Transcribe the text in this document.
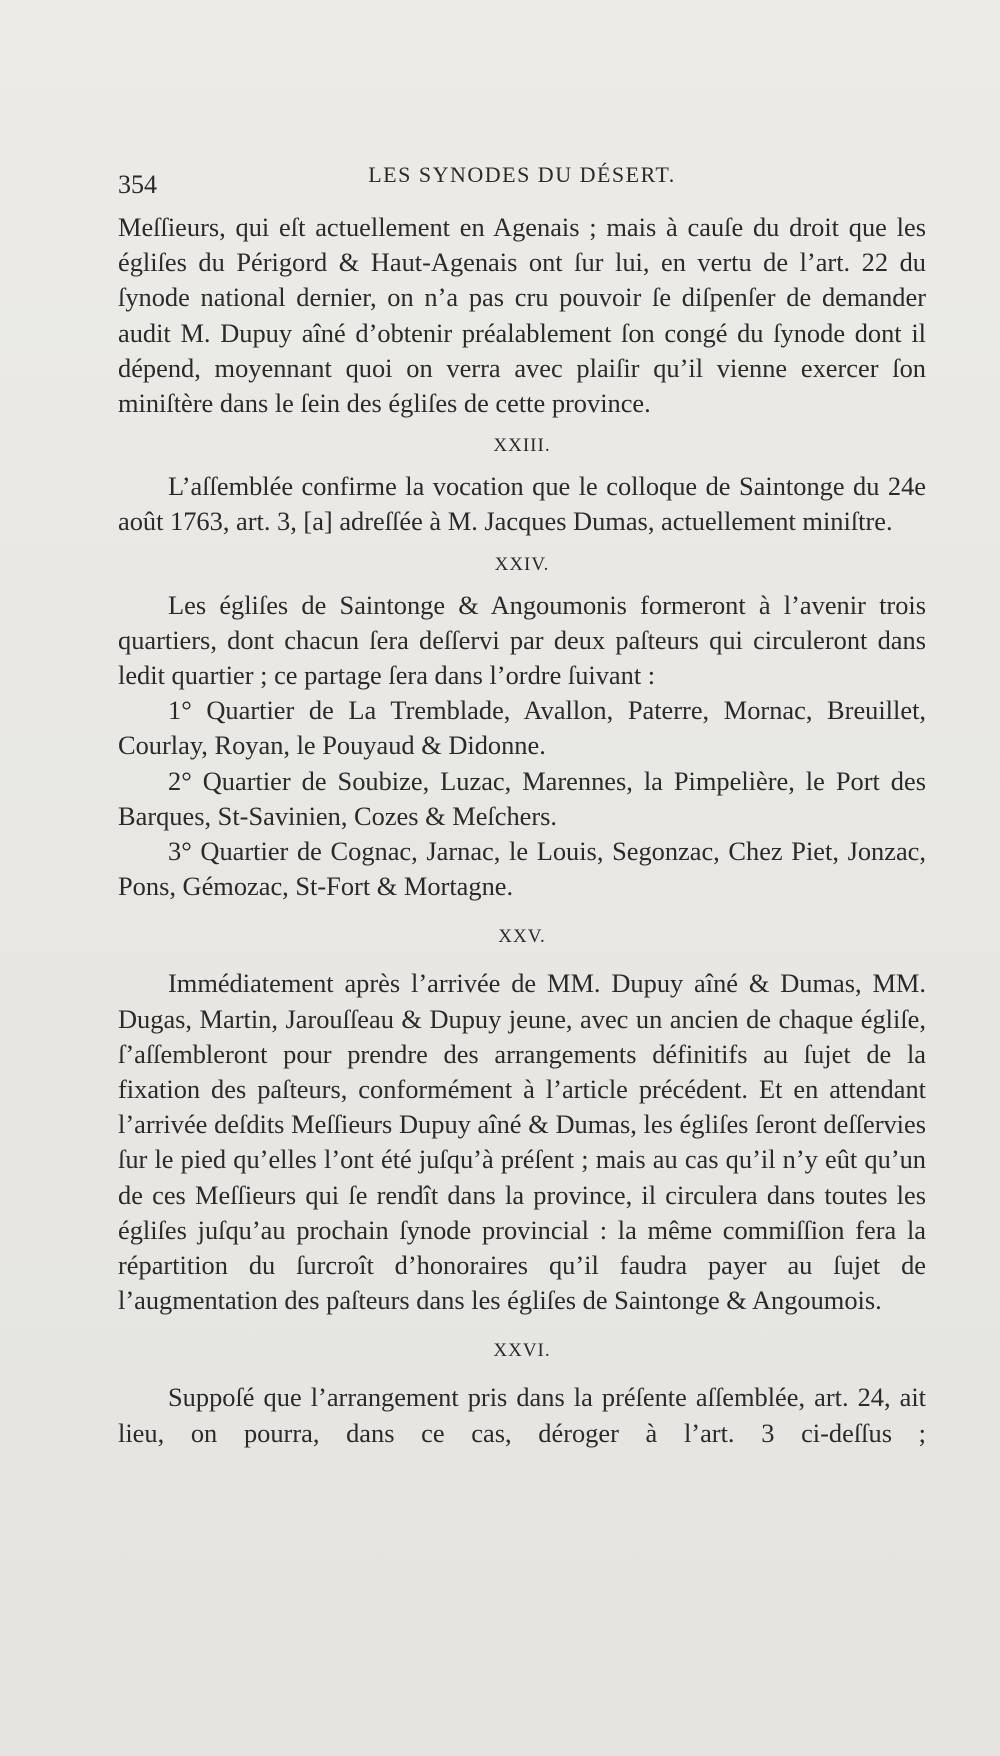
354	LES SYNODES DU DÉSERT.

Meſſieurs, qui eſt actuellement en Agenais ; mais à cauſe du droit que les égliſes du Périgord & Haut-Agenais ont ſur lui, en vertu de l’art. 22 du ſynode national dernier, on n’a pas cru pouvoir ſe diſpenſer de demander audit M. Dupuy aîné d’obtenir préalablement ſon congé du ſynode dont il dépend, moyennant quoi on verra avec plaiſir qu’il vienne exercer ſon miniſtère dans le ſein des égliſes de cette province.

XXIII.

L’aſſemblée confirme la vocation que le colloque de Saintonge du 24e août 1763, art. 3, [a] adreſſée à M. Jacques Dumas, actuellement miniſtre.

XXIV.

Les égliſes de Saintonge & Angoumonis formeront à l’avenir trois quartiers, dont chacun ſera deſſervi par deux paſteurs qui circuleront dans ledit quartier ; ce partage ſera dans l’ordre ſuivant :

1° Quartier de La Tremblade, Avallon, Paterre, Mornac, Breuillet, Courlay, Royan, le Pouyaud & Didonne.

2° Quartier de Soubize, Luzac, Marennes, la Pimpelière, le Port des Barques, St-Savinien, Cozes & Meſchers.

3° Quartier de Cognac, Jarnac, le Louis, Segonzac, Chez Piet, Jonzac, Pons, Gémozac, St-Fort & Mortagne.

XXV.

Immédiatement après l’arrivée de MM. Dupuy aîné & Dumas, MM. Dugas, Martin, Jarouſſeau & Dupuy jeune, avec un ancien de chaque égliſe, ſ’aſſembleront pour prendre des arrangements définitifs au ſujet de la fixation des paſteurs, conformément à l’article précédent. Et en attendant l’arrivée deſdits Meſſieurs Dupuy aîné & Dumas, les égliſes ſeront deſſervies ſur le pied qu’elles l’ont été juſqu’à préſent ; mais au cas qu’il n’y eût qu’un de ces Meſſieurs qui ſe rendît dans la province, il circulera dans toutes les égliſes juſqu’au prochain ſynode provincial : la même commiſſion fera la répartition du ſurcroît d’honoraires qu’il faudra payer au ſujet de l’augmentation des paſteurs dans les égliſes de Saintonge & Angoumois.

XXVI.

Suppoſé que l’arrangement pris dans la préſente aſſemblée, art. 24, ait lieu, on pourra, dans ce cas, déroger à l’art. 3 ci-deſſus ;
